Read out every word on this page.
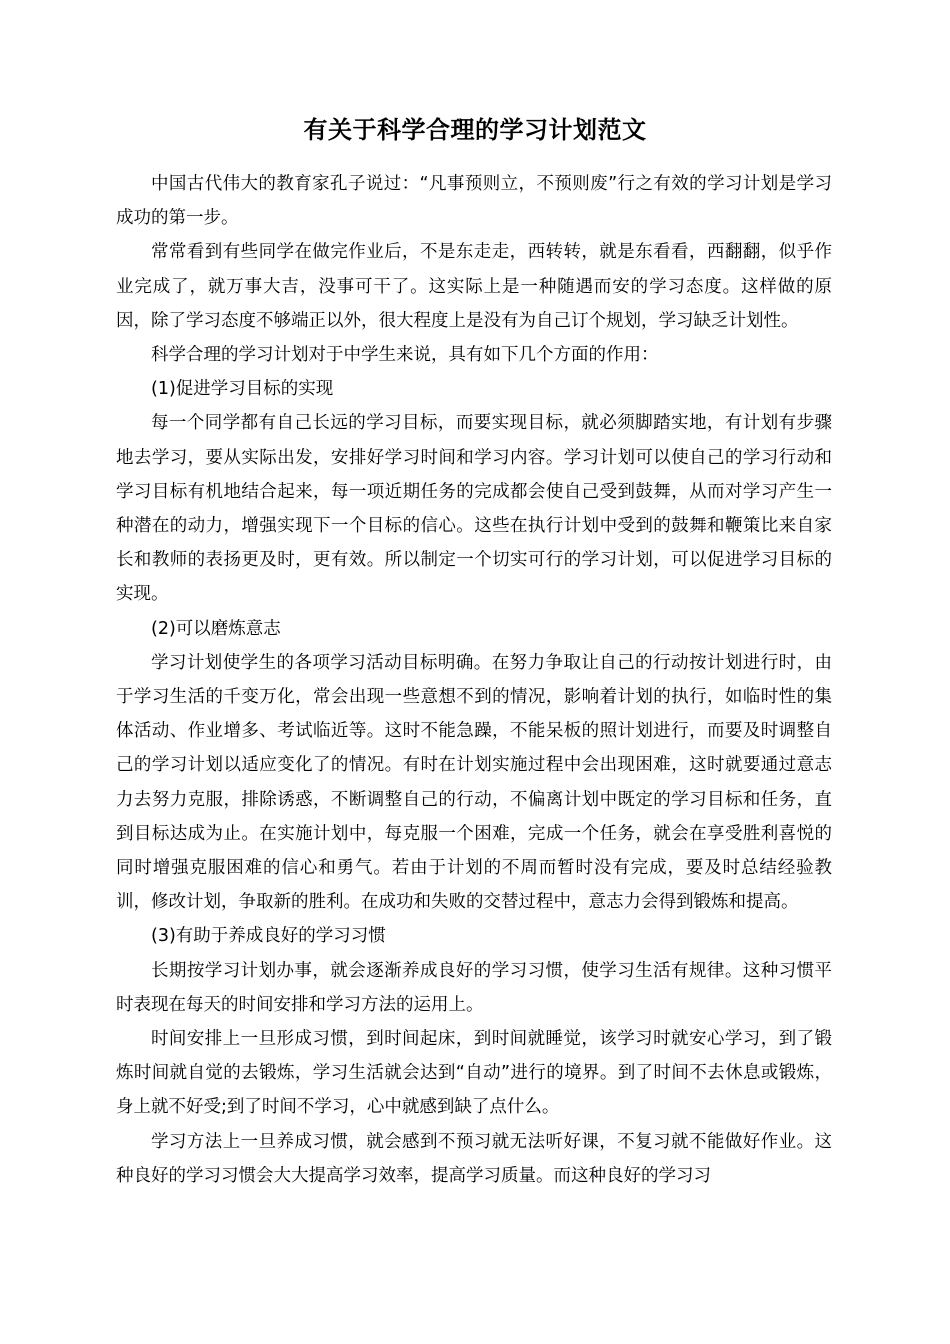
有关于科学合理的学习计划范文

中国古代伟大的教育家孔子说过：“凡事预则立，不预则废”行之有效的学习计划是学习成功的第一步。

常常看到有些同学在做完作业后，不是东走走，西转转，就是东看看，西翻翻，似乎作业完成了，就万事大吉，没事可干了。这实际上是一种随遇而安的学习态度。这样做的原因，除了学习态度不够端正以外，很大程度上是没有为自己订个规划，学习缺乏计划性。

科学合理的学习计划对于中学生来说，具有如下几个方面的作用：

(1)促进学习目标的实现

每一个同学都有自己长远的学习目标，而要实现目标，就必须脚踏实地，有计划有步骤地去学习，要从实际出发，安排好学习时间和学习内容。学习计划可以使自己的学习行动和学习目标有机地结合起来，每一项近期任务的完成都会使自己受到鼓舞，从而对学习产生一种潜在的动力，增强实现下一个目标的信心。这些在执行计划中受到的鼓舞和鞭策比来自家长和教师的表扬更及时，更有效。所以制定一个切实可行的学习计划，可以促进学习目标的实现。

(2)可以磨炼意志

学习计划使学生的各项学习活动目标明确。在努力争取让自己的行动按计划进行时，由于学习生活的千变万化，常会出现一些意想不到的情况，影响着计划的执行，如临时性的集体活动、作业增多、考试临近等。这时不能急躁，不能呆板的照计划进行，而要及时调整自己的学习计划以适应变化了的情况。有时在计划实施过程中会出现困难，这时就要通过意志力去努力克服，排除诱惑，不断调整自己的行动，不偏离计划中既定的学习目标和任务，直到目标达成为止。在实施计划中，每克服一个困难，完成一个任务，就会在享受胜利喜悦的同时增强克服困难的信心和勇气。若由于计划的不周而暂时没有完成，要及时总结经验教训，修改计划，争取新的胜利。在成功和失败的交替过程中，意志力会得到锻炼和提高。

(3)有助于养成良好的学习习惯

长期按学习计划办事，就会逐渐养成良好的学习习惯，使学习生活有规律。这种习惯平时表现在每天的时间安排和学习方法的运用上。

时间安排上一旦形成习惯，到时间起床，到时间就睡觉，该学习时就安心学习，到了锻炼时间就自觉的去锻炼，学习生活就会达到“自动”进行的境界。到了时间不去休息或锻炼，身上就不好受;到了时间不学习，心中就感到缺了点什么。

学习方法上一旦养成习惯，就会感到不预习就无法听好课，不复习就不能做好作业。这种良好的学习习惯会大大提高学习效率，提高学习质量。而这种良好的学习习
